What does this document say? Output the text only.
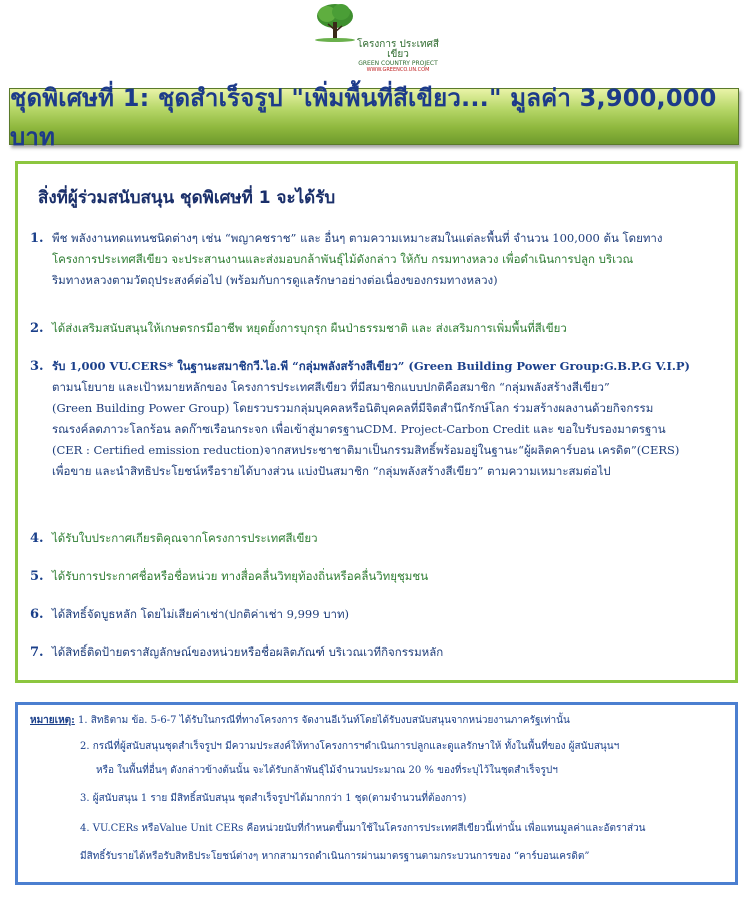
โครงการ ประเทศสีเขียว
GREEN COUNTRY PROJECT
WWW.GREENCO.UN.COM
ชุดพิเศษที่ 1: ชุดสำเร็จรูป "เพิ่มพื้นที่สีเขียว..." มูลค่า 3,900,000 บาท
สิ่งที่ผู้ร่วมสนับสนุน ชุดพิเศษที่ 1 จะได้รับ
1. พืช พลังงานทดแทนชนิดต่างๆ เช่น “พญาคชราช” และ อื่นๆ ตามความเหมาะสมในแต่ละพื้นที่ จำนวน 100,000 ต้น โดยทาง
โครงการประเทศสีเขียว จะประสานงานและส่งมอบกล้าพันธุ์ไม้ดังกล่าว ให้กับ กรมทางหลวง เพื่อดำเนินการปลูก บริเวณ
ริมทางหลวงตามวัตถุประสงค์ต่อไป (พร้อมกับการดูแลรักษาอย่างต่อเนื่องของกรมทางหลวง)
2. ได้ส่งเสริมสนับสนุนให้เกษตรกรมีอาชีพ หยุดยั้งการบุกรุก ผืนป่าธรรมชาติ และ ส่งเสริมการเพิ่มพื้นที่สีเขียว
3. รับ 1,000 VU.CERS* ในฐานะสมาชิกวี.ไอ.พี “กลุ่มพลังสร้างสีเขียว” (Green Building Power Group:G.B.P.G V.I.P)
ตามนโยบาย และเป้าหมายหลักของ โครงการประเทศสีเขียว ที่มีสมาชิกแบบปกติคือสมาชิก “กลุ่มพลังสร้างสีเขียว”
(Green Building Power Group) โดยรวบรวมกลุ่มบุคคลหรือนิติบุคคลที่มีจิตสำนึกรักษ์โลก ร่วมสร้างผลงานด้วยกิจกรรม
รณรงค์ลดภาวะโลกร้อน ลดก๊าซเรือนกระจก เพื่อเข้าสู่มาตรฐานCDM. Project-Carbon Credit และ ขอใบรับรองมาตรฐาน
(CER : Certified emission reduction)จากสหประชาชาติมาเป็นกรรมสิทธิ์พร้อมอยู่ในฐานะ“ผู้ผลิตคาร์บอน เครดิต”(CERS)
เพื่อขาย และนำสิทธิประโยชน์หรือรายได้บางส่วน แบ่งปันสมาชิก “กลุ่มพลังสร้างสีเขียว” ตามความเหมาะสมต่อไป
4. ได้รับใบประกาศเกียรติคุณจากโครงการประเทศสีเขียว
5. ได้รับการประกาศชื่อหรือชื่อหน่วย ทางสื่อคลื่นวิทยุท้องถิ่นหรือคลื่นวิทยุชุมชน
6. ได้สิทธิ์จัดบูธหลัก โดยไม่เสียค่าเช่า(ปกติค่าเช่า 9,999 บาท)
7. ได้สิทธิ์ติดป้ายตราสัญลักษณ์ของหน่วยหรือชื่อผลิตภัณฑ์ บริเวณเวทีกิจกรรมหลัก
หมายเหตุ: 1. สิทธิตาม ข้อ. 5-6-7 ได้รับในกรณีที่ทางโครงการ จัดงานอีเว้นท์โดยได้รับงบสนับสนุนจากหน่วยงานภาครัฐเท่านั้น
2. กรณีที่ผู้สนับสนุนชุดสำเร็จรูปฯ มีความประสงค์ให้ทางโครงการฯดำเนินการปลูกและดูแลรักษาให้ ทั้งในพื้นที่ของ ผู้สนับสนุนฯ
หรือ ในพื้นที่อื่นๆ ดังกล่าวข้างต้นนั้น จะได้รับกล้าพันธุ์ไม้จำนวนประมาณ 20 % ของที่ระบุไว้ในชุดสำเร็จรูปฯ
3. ผู้สนับสนุน 1 ราย มีสิทธิ์สนับสนุน ชุดสำเร็จรูปฯได้มากกว่า 1 ชุด(ตามจำนวนที่ต้องการ)
4. VU.CERs หรือValue Unit CERs คือหน่วยนับที่กำหนดขึ้นมาใช้ในโครงการประเทศสีเขียวนี้เท่านั้น เพื่อแทนมูลค่าและอัตราส่วน
มีสิทธิ์รับรายได้หรือรับสิทธิประโยชน์ต่างๆ หากสามารถดำเนินการผ่านมาตรฐานตามกระบวนการของ “คาร์บอนเครดิต”
